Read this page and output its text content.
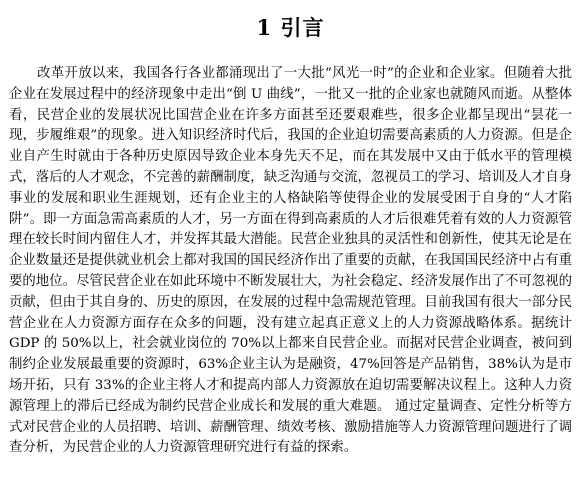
1 引言

改革开放以来，我国各行各业都涌现出了一大批“风光一时”的企业和企业家。但随着大批企业在发展过程中的经济现象中走出“倒 U 曲线”，一批又一批的企业家也就随风而逝。从整体看，民营企业的发展状况比国营企业在许多方面甚至还要艰难些，很多企业都呈现出“昙花一现，步履维艰”的现象。进入知识经济时代后，我国的企业迫切需要高素质的人力资源。但是企业自产生时就由于各种历史原因导致企业本身先天不足，而在其发展中又由于低水平的管理模式，落后的人才观念，不完善的薪酬制度，缺乏沟通与交流，忽视员工的学习、培训及人才自身事业的发展和职业生涯规划，还有企业主的人格缺陷等使得企业的发展受困于自身的“人才陷阱”。即一方面急需高素质的人才，另一方面在得到高素质的人才后很难凭着有效的人力资源管理在较长时间内留住人才，并发挥其最大潜能。民营企业独具的灵活性和创新性，使其无论是在企业数量还是提供就业机会上都对我国的国民经济作出了重要的贡献，在我国国民经济中占有重要的地位。尽管民营企业在如此环境中不断发展壮大，为社会稳定、经济发展作出了不可忽视的贡献，但由于其自身的、历史的原因，在发展的过程中急需规范管理。目前我国有很大一部分民营企业在人力资源方面存在众多的问题，没有建立起真正意义上的人力资源战略体系。据统计 GDP 的 50%以上，社会就业岗位的 70%以上都来自民营企业。而据对民营企业调查，被问到制约企业发展最重要的资源时，63%企业主认为是融资，47%回答是产品销售，38%认为是市场开拓，只有 33%的企业主将人才和提高内部人力资源放在迫切需要解决议程上。这种人力资源管理上的滞后已经成为制约民营企业成长和发展的重大难题。 通过定量调查、定性分析等方式对民营企业的人员招聘、培训、薪酬管理、绩效考核、激励措施等人力资源管理问题进行了调查分析，为民营企业的人力资源管理研究进行有益的探索。
